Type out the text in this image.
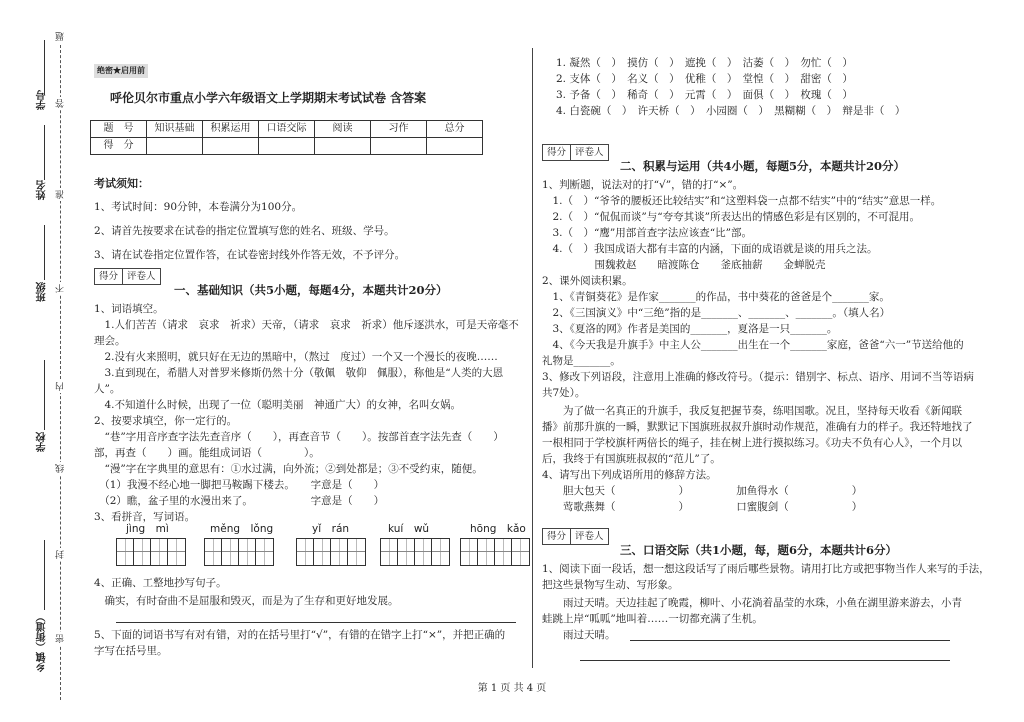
学号
姓名
班级
学校
乡镇（街道）
题
答
准
不
内
线
封
密
绝密★启用前
呼伦贝尔市重点小学六年级语文上学期期末考试试卷 含答案
题　号	知识基础	积累运用	口语交际	阅读	习作	总分
得　分						
考试须知：
1、考试时间：90分钟，本卷满分为100分。
2、请首先按要求在试卷的指定位置填写您的姓名、班级、学号。
3、请在试卷指定位置作答，在试卷密封线外作答无效，不予评分。
得分 评卷人
一、基础知识（共5小题，每题4分，本题共计20分）
1、词语填空。
　1.人们苦苦（请求　哀求　祈求）天帝，（请求　哀求　祈求）他斥逐洪水，可是天帝毫不
理会。
　2.没有火来照明，就只好在无边的黑暗中，（熬过　度过）一个又一个漫长的夜晚……
　3.直到现在，希腊人对普罗米修斯仍然十分（敬佩　敬仰　佩服），称他是“人类的大恩
人”。
　4.不知道什么时候，出现了一位（聪明美丽　神通广大）的女神，名叫女娲。
2、按要求填空，你一定行的。
　“巷”字用音序查字法先查音序（　　），再查音节（　　）。按部首查字法先查（　　）
部，再查（　　）画。能组成词语（　　　　）。
　“漫”字在字典里的意思有：①水过满，向外流；②到处都是；③不受约束，随便。
　（1）我漫不经心地一脚把马鞍踢下楼去。　　字意是（　　）
　（2）瞧，盆子里的水漫出来了。　　　　　　字意是（　　）
3、看拼音，写词语。
jìng　mì	měng　lǒng	yǐ　rán	kuí　wǔ	hōng　kǎo
4、正确、工整地抄写句子。
　确实，有时奋曲不是屈服和毁灭，而是为了生存和更好地发展。
5、下面的词语书写有对有错，对的在括号里打“√”，有错的在错字上打“×”，并把正确的
字写在括号里。
1. 凝然（　）　摸仿（　）　遮挽（　）　沽萎（　）　勿忙（　）
2. 支体（　）　名义（　）　优稚（　）　堂惶（　）　甜密（　）
3. 予备（　）　稀奇（　）　元霄（　）　面俱（　）　枚瑰（　）
4. 白瓷碗（　）　许天桥（　）　小园圈（　）　黑糊糊（　）　辩是非（　）
得分 评卷人
二、积累与运用（共4小题，每题5分，本题共计20分）
1、判断题，说法对的打“√”，错的打“×”。
　1.（　）“爷爷的腰板还比较结实”和“这塑料袋一点都不结实”中的“结实”意思一样。
　2.（　）“侃侃而谈”与“夸夸其谈”所表达出的情感色彩是有区别的，不可混用。
　3.（　）“鹰”用部首查字法应该查“比”部。
　4.（　）我国成语大都有丰富的内涵，下面的成语就是谈的用兵之法。
　　　　　围魏救赵　　暗渡陈仓　　釜底抽薪　　金蝉脱壳
2、课外阅读积累。
　1、《青铜葵花》是作家_______的作品，书中葵花的爸爸是个_______家。
　2、《三国演义》中“三绝”指的是_______、_______、_______。（填人名）
　3、《夏洛的网》作者是美国的_______，夏洛是一只_______。
　4、《今天我是升旗手》中主人公_______出生在一个_______家庭，爸爸“六一”节送给他的
礼物是_______。
3、修改下列语段，注意用上准确的修改符号。（提示：错别字、标点、语序、用词不当等语病
共7处）。
　　为了做一名真正的升旗手，我反复把握节奏，练唱国歌。况且，坚持每天收看《新闻联
播》前那升旗的一瞬，默默记下国旗班叔叔升旗时动作规范，准确有力的样子。我还特地找了
一根相同于学校旗杆两倍长的绳子，挂在树上进行摸拟练习。《功夫不负有心人》，一个月以
后，我终于有国旗班叔叔的“范儿”了。
4、请写出下列成语所用的修辞方法。
　　胆大包天（　　　　　　）　　　　　加鱼得水（　　　　　　）
　　莺歌燕舞（　　　　　　）　　　　　口蜜腹剑（　　　　　　）
得分 评卷人
三、口语交际（共1小题，每，题6分，本题共计6分）
1、阅读下面一段话，想一想这段话写了雨后哪些景物。请用打比方或把事物当作人来写的手法，
把这些景物写生动、写形象。
　　雨过天晴。天边挂起了晚霞，柳叶、小花淌着晶莹的水珠，小鱼在湖里游来游去，小青
蛙跳上岸“呱呱”地叫着……一切都充满了生机。
　　雨过天晴。
第 1 页 共 4 页
